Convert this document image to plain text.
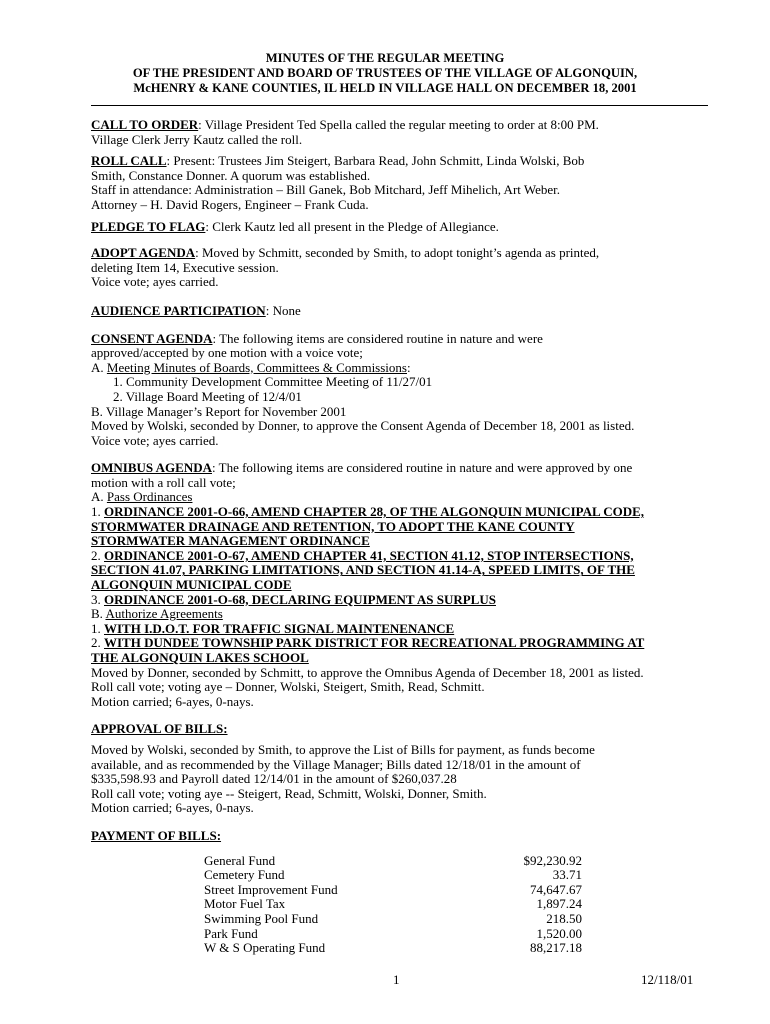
MINUTES OF THE REGULAR MEETING
OF THE PRESIDENT AND BOARD OF TRUSTEES OF THE VILLAGE OF ALGONQUIN,
McHENRY & KANE COUNTIES, IL HELD IN VILLAGE HALL ON DECEMBER 18, 2001
CALL TO ORDER: Village President Ted Spella called the regular meeting to order at 8:00 PM.
Village Clerk Jerry Kautz called the roll.
ROLL CALL: Present: Trustees Jim Steigert, Barbara Read, John Schmitt, Linda Wolski, Bob
Smith, Constance Donner. A quorum was established.
Staff in attendance: Administration – Bill Ganek, Bob Mitchard, Jeff Mihelich, Art Weber.
Attorney – H. David Rogers, Engineer – Frank Cuda.
PLEDGE TO FLAG: Clerk Kautz led all present in the Pledge of Allegiance.
ADOPT AGENDA: Moved by Schmitt, seconded by Smith, to adopt tonight’s agenda as printed,
deleting Item 14, Executive session.
Voice vote; ayes carried.
AUDIENCE PARTICIPATION: None
CONSENT AGENDA: The following items are considered routine in nature and were
approved/accepted by one motion with a voice vote;
A. Meeting Minutes of Boards, Committees & Commissions:
1. Community Development Committee Meeting of 11/27/01
2. Village Board Meeting of 12/4/01
B. Village Manager’s Report for November 2001
Moved by Wolski, seconded by Donner, to approve the Consent Agenda of December 18, 2001 as listed.
Voice vote; ayes carried.
OMNIBUS AGENDA: The following items are considered routine in nature and were approved by one
motion with a roll call vote;
A. Pass Ordinances
1. ORDINANCE 2001-O-66, AMEND CHAPTER 28, OF THE ALGONQUIN MUNICIPAL CODE,
STORMWATER DRAINAGE AND RETENTION, TO ADOPT THE KANE COUNTY
STORMWATER MANAGEMENT ORDINANCE
2. ORDINANCE 2001-O-67, AMEND CHAPTER 41, SECTION 41.12, STOP INTERSECTIONS,
SECTION 41.07, PARKING LIMITATIONS, AND SECTION 41.14-A, SPEED LIMITS, OF THE
ALGONQUIN MUNICIPAL CODE
3. ORDINANCE 2001-O-68, DECLARING EQUIPMENT AS SURPLUS
B. Authorize Agreements
1. WITH I.D.O.T. FOR TRAFFIC SIGNAL MAINTENENANCE
2. WITH DUNDEE TOWNSHIP PARK DISTRICT FOR RECREATIONAL PROGRAMMING AT
THE ALGONQUIN LAKES SCHOOL
Moved by Donner, seconded by Schmitt, to approve the Omnibus Agenda of December 18, 2001 as listed.
Roll call vote; voting aye – Donner, Wolski, Steigert, Smith, Read, Schmitt.
Motion carried; 6-ayes, 0-nays.
APPROVAL OF BILLS:
Moved by Wolski, seconded by Smith, to approve the List of Bills for payment, as funds become
available, and as recommended by the Village Manager; Bills dated 12/18/01 in the amount of
$335,598.93 and Payroll dated 12/14/01 in the amount of $260,037.28
Roll call vote; voting aye -- Steigert, Read, Schmitt, Wolski, Donner, Smith.
Motion carried; 6-ayes, 0-nays.
PAYMENT OF BILLS:
General Fund	$92,230.92
Cemetery Fund	33.71
Street Improvement Fund	74,647.67
Motor Fuel Tax	1,897.24
Swimming Pool Fund	218.50
Park Fund	1,520.00
W & S Operating Fund	88,217.18
1	12/118/01
